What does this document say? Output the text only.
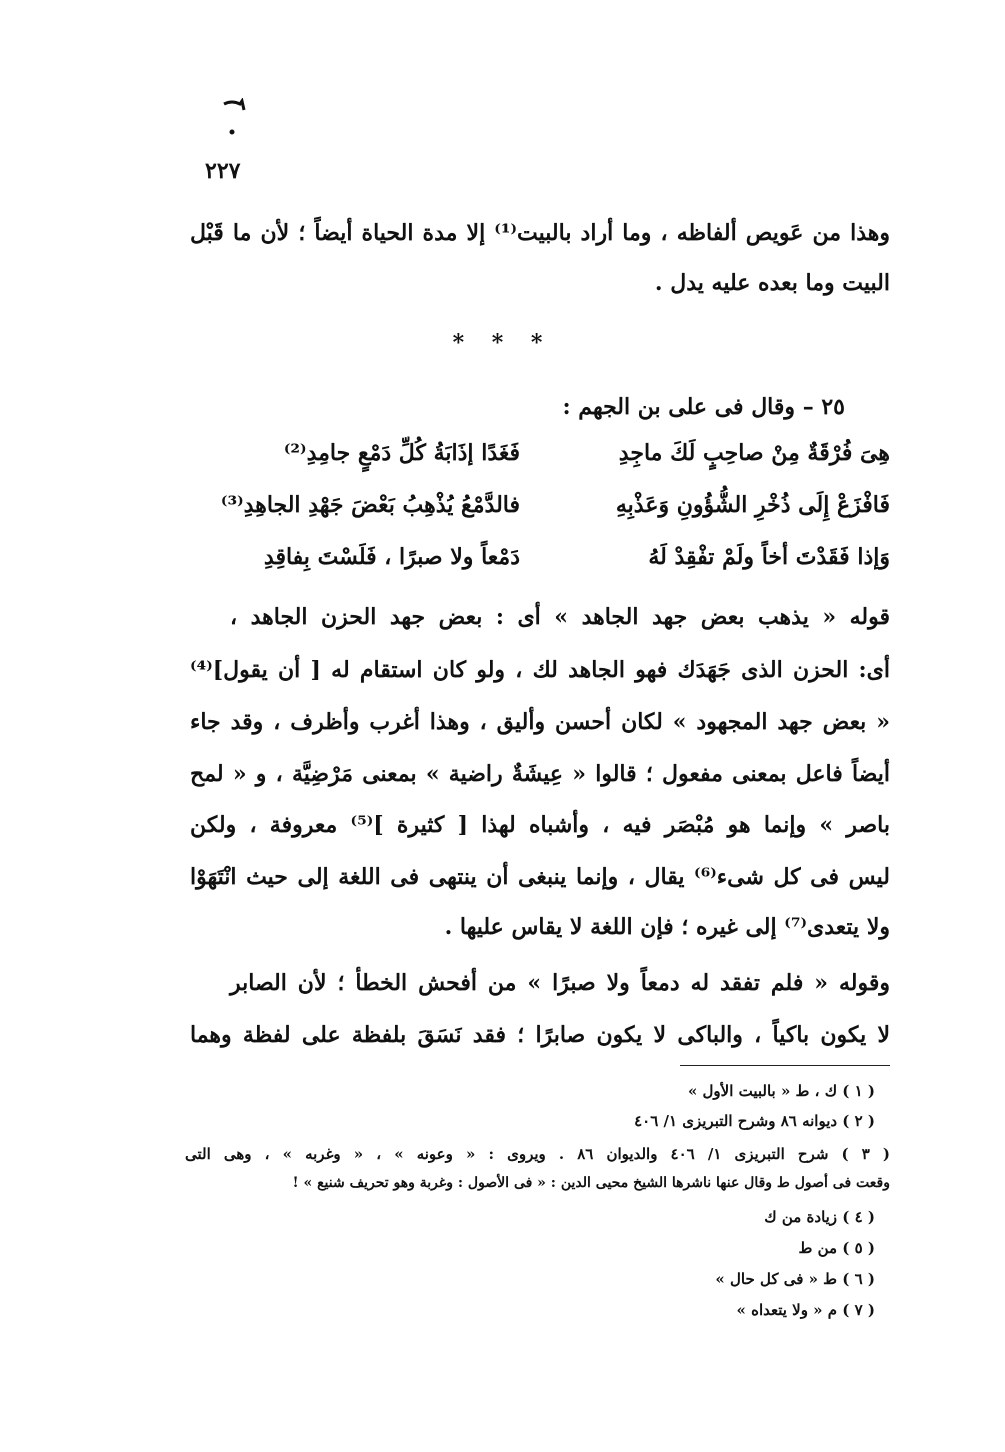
٢٢٧
وهذا من عَويص ألفاظه ، وما أراد بالبيت⁽¹⁾ إلا مدة الحياة أيضاً ؛ لأن ما قَبْل
البيت وما بعده عليه يدل .
* * *
٢٥ – وقال فى على بن الجهم :
هِىَ فُرْقَةٌ مِنْ صاحِبٍ لَكَ ماجِدِ
فَغَدًا إذَابَةُ كُلِّ دَمْعٍ جامِدِ⁽²⁾
فَافْزَعْ إِلَى ذُخْرِ الشُّؤُونِ وَعَذْبِهِ
فالدَّمْعُ يُذْهِبُ بَعْضَ جَهْدِ الجاهِدِ⁽³⁾
وَإذا فَقَدْتَ أخاً ولَمْ تفْقِدْ لَهُ
دَمْعاً ولا صبرًا ، فَلَسْتَ بِفاقِدِ
قوله « يذهب بعض جهد الجاهد » أى : بعض جهد الحزن الجاهد ،
أى: الحزن الذى جَهَدَك فهو الجاهد لك ، ولو كان استقام له [ أن يقول]⁽⁴⁾
« بعض جهد المجهود » لكان أحسن وأليق ، وهذا أغرب وأظرف ، وقد جاء
أيضاً فاعل بمعنى مفعول ؛ قالوا « عِيشَةٌ راضية » بمعنى مَرْضِيَّة ، و « لمح
باصر » وإنما هو مُبْصَر فيه ، وأشباه لهذا [ كثيرة ]⁽⁵⁾ معروفة ، ولكن
ليس فى كل شىء⁽⁶⁾ يقال ، وإنما ينبغى أن ينتهى فى اللغة إلى حيث انْتَهَوْا
ولا يتعدى⁽⁷⁾ إلى غيره ؛ فإن اللغة لا يقاس عليها .
وقوله « فلم تفقد له دمعاً ولا صبرًا » من أفحش الخطأ ؛ لأن الصابر
لا يكون باكياً ، والباكى لا يكون صابرًا ؛ فقد نَسَقَ بلفظة على لفظة وهما
( ١ ) ك ، ط « بالبيت الأول »
( ٢ ) ديوانه ٨٦ وشرح التبريزى ١/ ٤٠٦
( ٣ ) شرح التبريزى ١/ ٤٠٦ والديوان ٨٦ . ويروى : « وعونه » ، « وغربه » ، وهى التى
وقعت فى أصول ط وقال عنها ناشرها الشيخ محيى الدين : « فى الأصول : وغربة وهو تحريف شنيع » !
( ٤ ) زيادة من ك
( ٥ ) من ط
( ٦ ) ط « فى كل حال »
( ٧ ) م « ولا يتعداه »
